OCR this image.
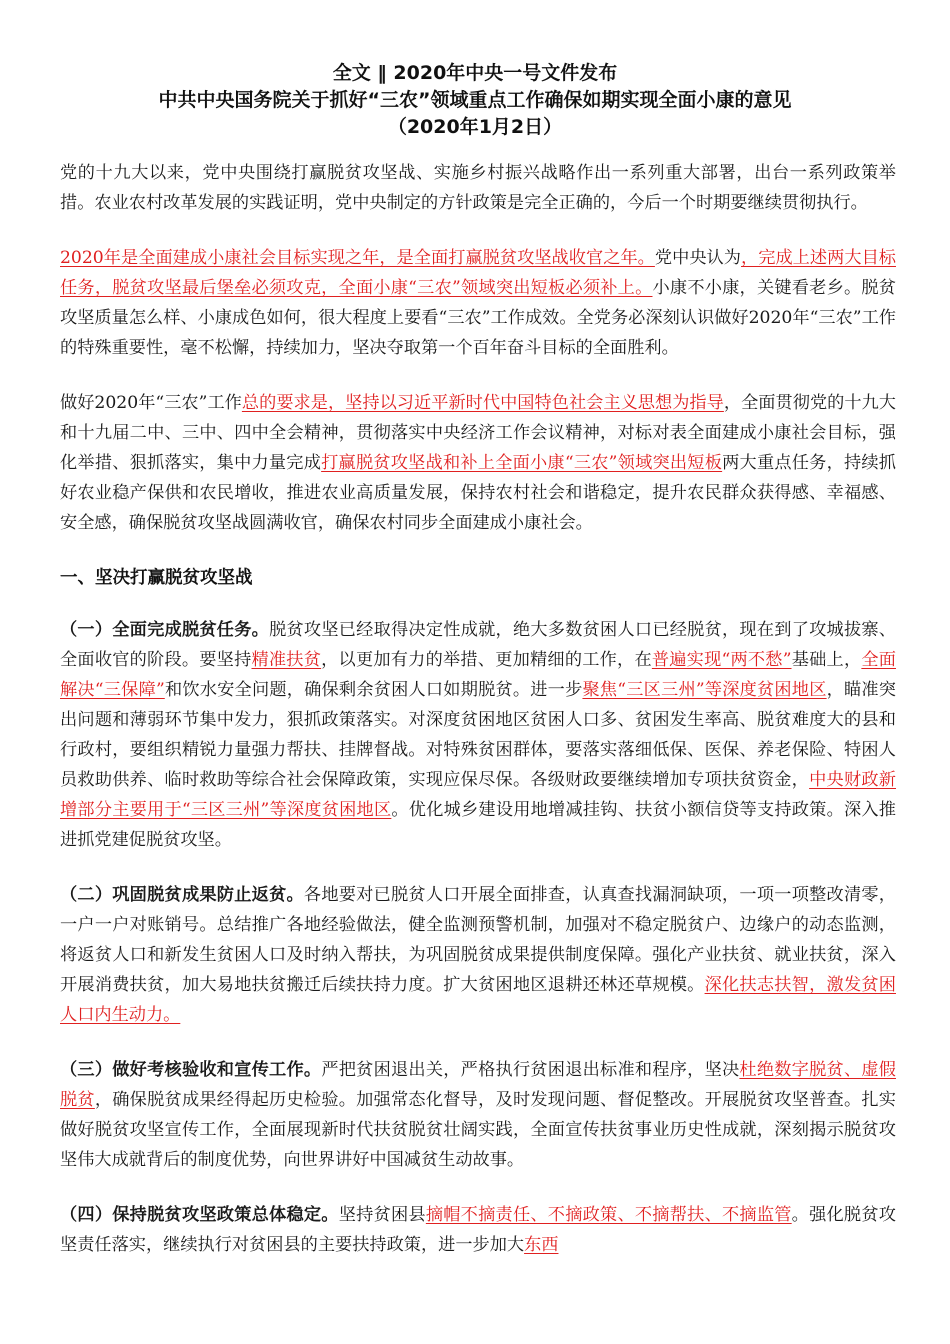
全文 ‖ 2020年中央一号文件发布
中共中央国务院关于抓好“三农”领域重点工作确保如期实现全面小康的意见
（2020年1月2日）

党的十九大以来，党中央围绕打赢脱贫攻坚战、实施乡村振兴战略作出一系列重大部署，出台一系列政策举措。农业农村改革发展的实践证明，党中央制定的方针政策是完全正确的，今后一个时期要继续贯彻执行。

2020年是全面建成小康社会目标实现之年，是全面打赢脱贫攻坚战收官之年。党中央认为，完成上述两大目标任务，脱贫攻坚最后堡垒必须攻克，全面小康“三农”领域突出短板必须补上。小康不小康，关键看老乡。脱贫攻坚质量怎么样、小康成色如何，很大程度上要看“三农”工作成效。全党务必深刻认识做好2020年“三农”工作的特殊重要性，毫不松懈，持续加力，坚决夺取第一个百年奋斗目标的全面胜利。

做好2020年“三农”工作总的要求是，坚持以习近平新时代中国特色社会主义思想为指导，全面贯彻党的十九大和十九届二中、三中、四中全会精神，贯彻落实中央经济工作会议精神，对标对表全面建成小康社会目标，强化举措、狠抓落实，集中力量完成打赢脱贫攻坚战和补上全面小康“三农”领域突出短板两大重点任务，持续抓好农业稳产保供和农民增收，推进农业高质量发展，保持农村社会和谐稳定，提升农民群众获得感、幸福感、安全感，确保脱贫攻坚战圆满收官，确保农村同步全面建成小康社会。

一、坚决打赢脱贫攻坚战

（一）全面完成脱贫任务。脱贫攻坚已经取得决定性成就，绝大多数贫困人口已经脱贫，现在到了攻城拔寨、全面收官的阶段。要坚持精准扶贫，以更加有力的举措、更加精细的工作，在普遍实现“两不愁”基础上，全面解决“三保障”和饮水安全问题，确保剩余贫困人口如期脱贫。进一步聚焦“三区三州”等深度贫困地区，瞄准突出问题和薄弱环节集中发力，狠抓政策落实。对深度贫困地区贫困人口多、贫困发生率高、脱贫难度大的县和行政村，要组织精锐力量强力帮扶、挂牌督战。对特殊贫困群体，要落实落细低保、医保、养老保险、特困人员救助供养、临时救助等综合社会保障政策，实现应保尽保。各级财政要继续增加专项扶贫资金，中央财政新增部分主要用于“三区三州”等深度贫困地区。优化城乡建设用地增减挂钩、扶贫小额信贷等支持政策。深入推进抓党建促脱贫攻坚。

（二）巩固脱贫成果防止返贫。各地要对已脱贫人口开展全面排查，认真查找漏洞缺项，一项一项整改清零，一户一户对账销号。总结推广各地经验做法，健全监测预警机制，加强对不稳定脱贫户、边缘户的动态监测，将返贫人口和新发生贫困人口及时纳入帮扶，为巩固脱贫成果提供制度保障。强化产业扶贫、就业扶贫，深入开展消费扶贫，加大易地扶贫搬迁后续扶持力度。扩大贫困地区退耕还林还草规模。深化扶志扶智，激发贫困人口内生动力。

（三）做好考核验收和宣传工作。严把贫困退出关，严格执行贫困退出标准和程序，坚决杜绝数字脱贫、虚假脱贫，确保脱贫成果经得起历史检验。加强常态化督导，及时发现问题、督促整改。开展脱贫攻坚普查。扎实做好脱贫攻坚宣传工作，全面展现新时代扶贫脱贫壮阔实践，全面宣传扶贫事业历史性成就，深刻揭示脱贫攻坚伟大成就背后的制度优势，向世界讲好中国减贫生动故事。

（四）保持脱贫攻坚政策总体稳定。坚持贫困县摘帽不摘责任、不摘政策、不摘帮扶、不摘监管。强化脱贫攻坚责任落实，继续执行对贫困县的主要扶持政策，进一步加大东西
